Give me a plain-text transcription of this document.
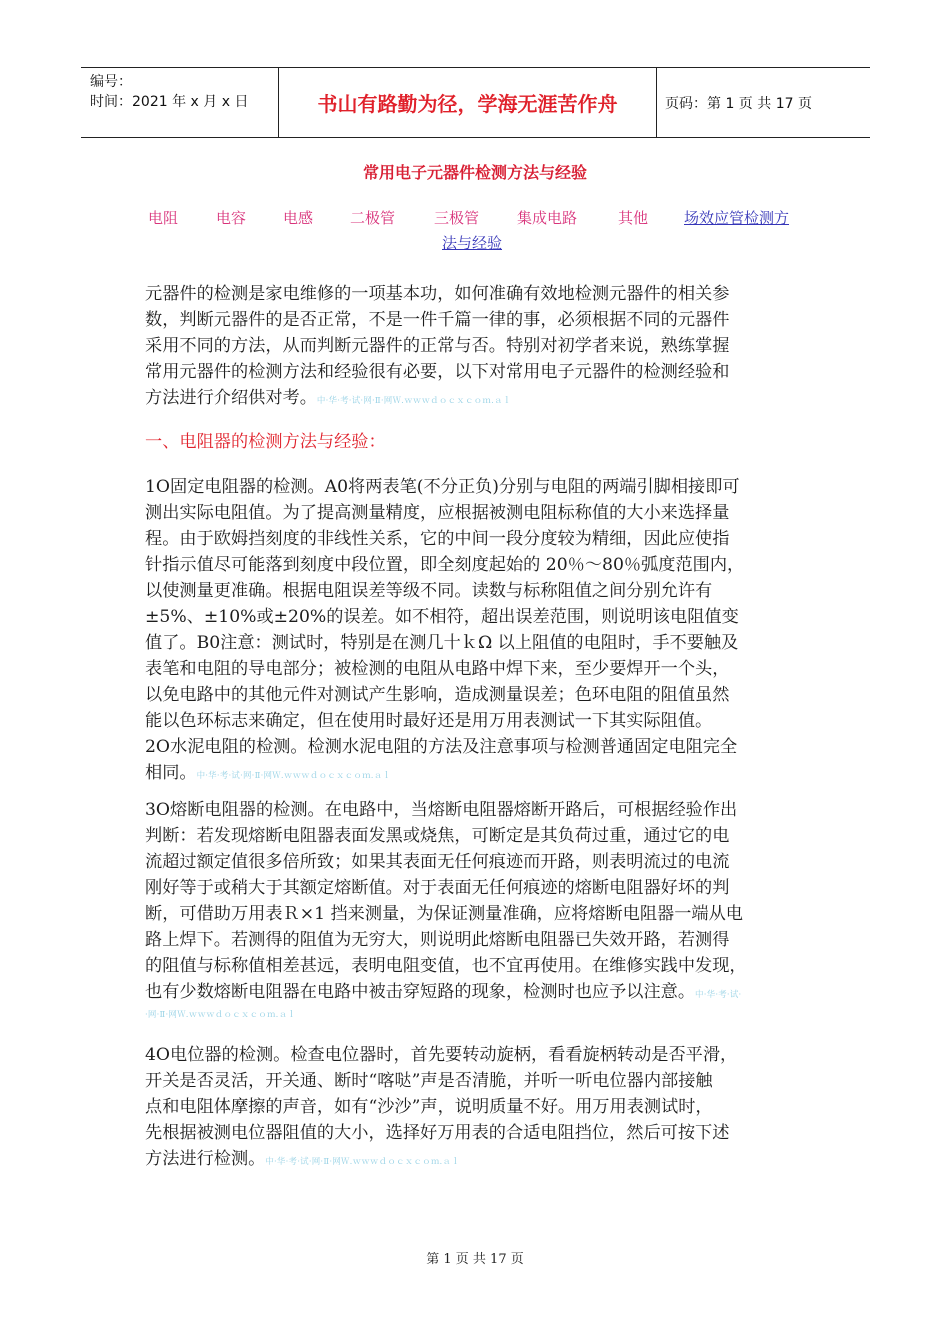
编号：
时间：2021 年 x 月 x 日	书山有路勤为径，学海无涯苦作舟	页码：第 1 页 共 17 页
常用电子元器件检测方法与经验
电阻	电容 电感 二极管	三极管	集成电路	其他 场效应管检测方
法与经验
元器件的检测是家电维修的一项基本功，如何准确有效地检测元器件的相关参
数，判断元器件的是否正常，不是一件千篇一律的事，必须根据不同的元器件
采用不同的方法，从而判断元器件的正常与否。特别对初学者来说，熟练掌握
常用元器件的检测方法和经验很有必要，以下对常用电子元器件的检测经验和
方法进行介绍供对考。中·华·考·试·网·Ⅱ·网Ｗ.ｗｗｗｄｏｃｘｃｏｍ.ａｌ
一、电阻器的检测方法与经验：
1O固定电阻器的检测。A0将两表笔(不分正负)分别与电阻的两端引脚相接即可
测出实际电阻值。为了提高测量精度，应根据被测电阻标称值的大小来选择量
程。由于欧姆挡刻度的非线性关系，它的中间一段分度较为精细，因此应使指
针指示值尽可能落到刻度中段位置，即全刻度起始的 20％～80％弧度范围内，
以使测量更准确。根据电阻误差等级不同。读数与标称阻值之间分别允许有
±5%、±10%或±20%的误差。如不相符，超出误差范围，则说明该电阻值变
值了。B0注意：测试时，特别是在测几十ｋΩ 以上阻值的电阻时，手不要触及
表笔和电阻的导电部分；被检测的电阻从电路中焊下来，至少要焊开一个头，
以免电路中的其他元件对测试产生影响，造成测量误差；色环电阻的阻值虽然
能以色环标志来确定，但在使用时最好还是用万用表测试一下其实际阻值。
2O水泥电阻的检测。检测水泥电阻的方法及注意事项与检测普通固定电阻完全
相同。中·华·考·试·网·Ⅱ·网Ｗ.ｗｗｗｄｏｃｘｃｏｍ.ａｌ
3O熔断电阻器的检测。在电路中，当熔断电阻器熔断开路后，可根据经验作出
判断：若发现熔断电阻器表面发黑或烧焦，可断定是其负荷过重，通过它的电
流超过额定值很多倍所致；如果其表面无任何痕迹而开路，则表明流过的电流
刚好等于或稍大于其额定熔断值。对于表面无任何痕迹的熔断电阻器好坏的判
断，可借助万用表Ｒ×1 挡来测量，为保证测量准确，应将熔断电阻器一端从电
路上焊下。若测得的阻值为无穷大，则说明此熔断电阻器已失效开路，若测得
的阻值与标称值相差甚远，表明电阻变值，也不宜再使用。在维修实践中发现，
也有少数熔断电阻器在电路中被击穿短路的现象，检测时也应予以注意。中·华·考·试·
·网·Ⅱ·网Ｗ.ｗｗｗｄｏｃｘｃｏｍ.ａｌ
4O电位器的检测。检查电位器时，首先要转动旋柄，看看旋柄转动是否平滑，
开关是否灵活，开关通、断时“喀哒”声是否清脆，并听一听电位器内部接触
点和电阻体摩擦的声音，如有“沙沙”声，说明质量不好。用万用表测试时，
先根据被测电位器阻值的大小，选择好万用表的合适电阻挡位，然后可按下述
方法进行检测。中·华·考·试·网·Ⅱ·网Ｗ.ｗｗｗｄｏｃｘｃｏｍ.ａｌ
第 1 页 共 17 页
